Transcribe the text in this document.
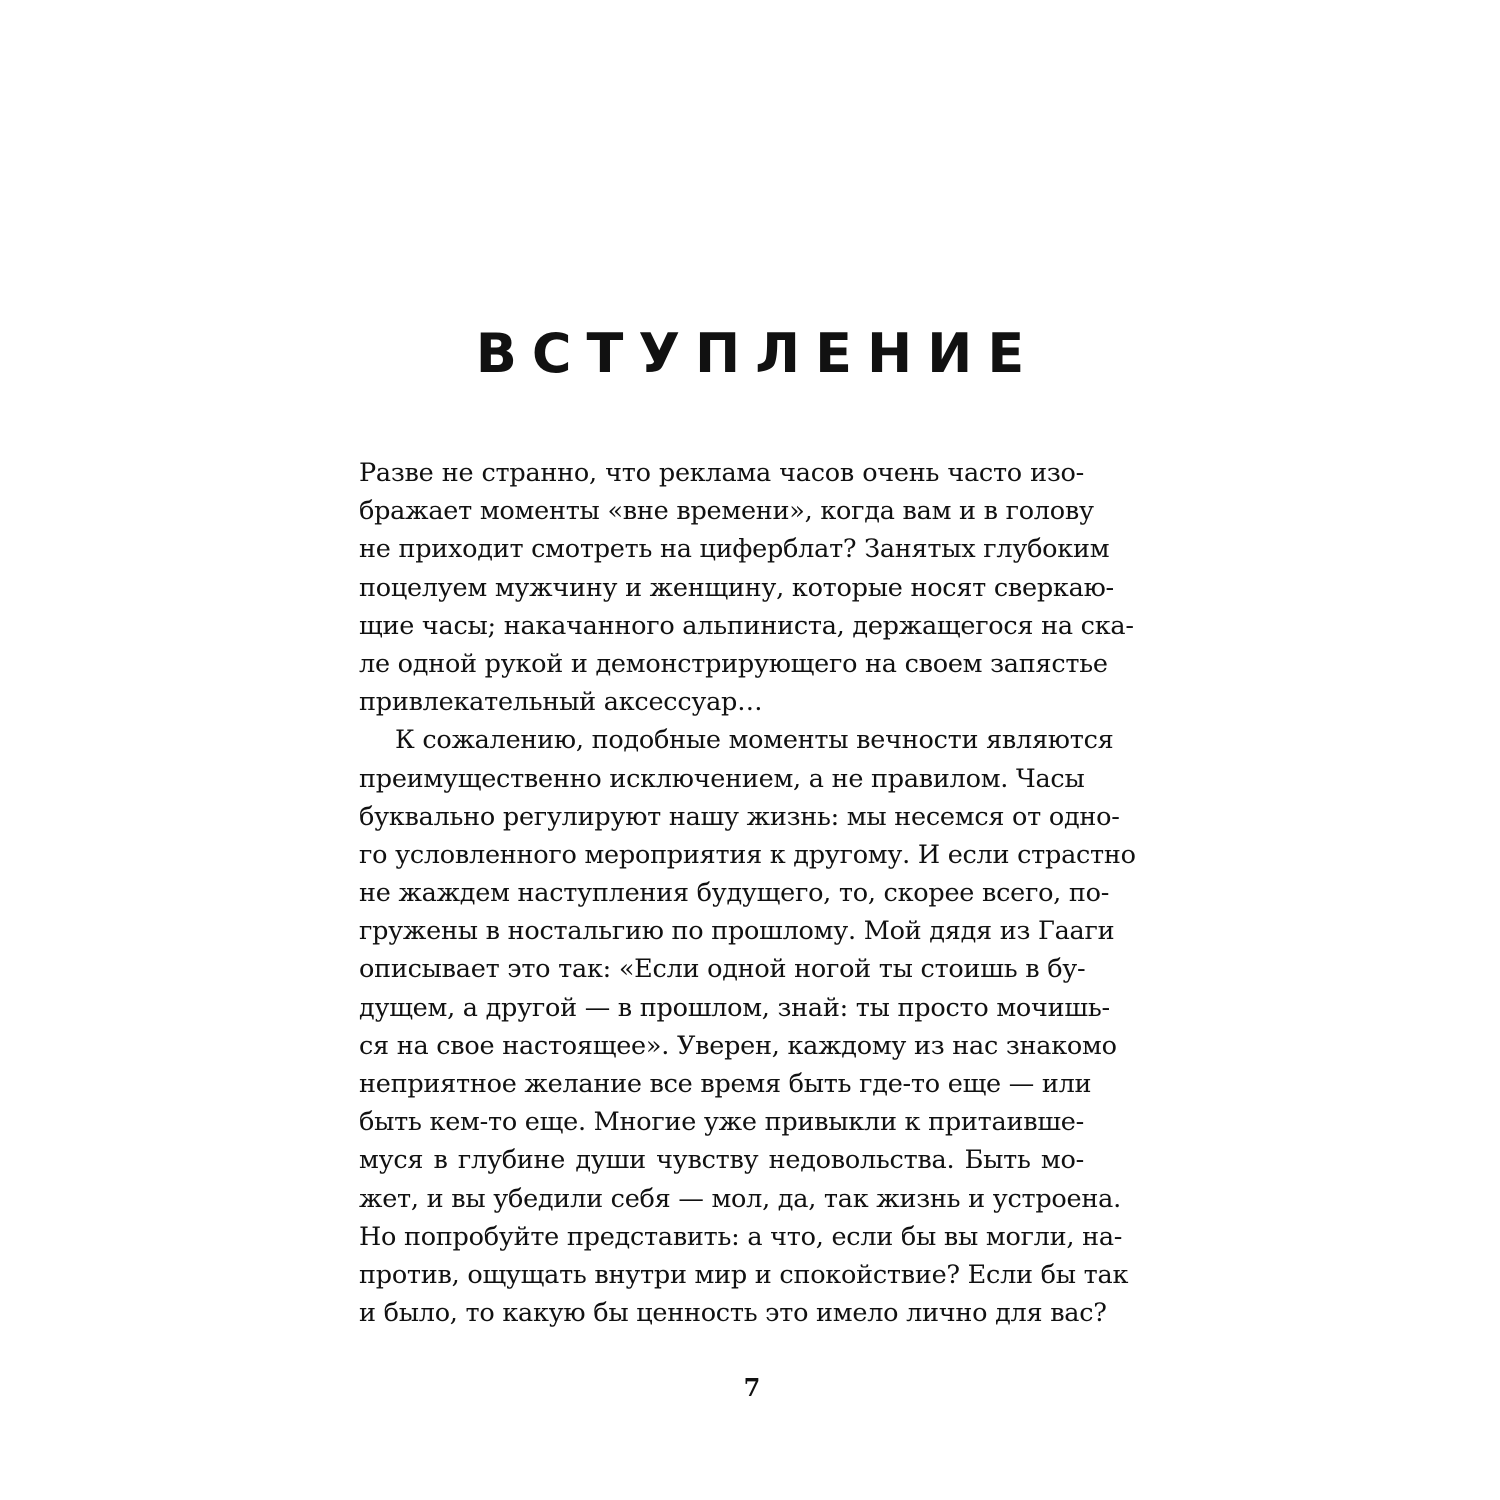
ВСТУПЛЕНИЕ
Разве не странно, что реклама часов очень часто изо-
бражает моменты «вне времени», когда вам и в голову
не приходит смотреть на циферблат? Занятых глубоким
поцелуем мужчину и женщину, которые носят сверкаю-
щие часы; накачанного альпиниста, держащегося на ска-
ле одной рукой и демонстрирующего на своем запястье
привлекательный аксессуар…
К сожалению, подобные моменты вечности являются
преимущественно исключением, а не правилом. Часы
буквально регулируют нашу жизнь: мы несемся от одно-
го условленного мероприятия к другому. И если страстно
не жаждем наступления будущего, то, скорее всего, по-
гружены в ностальгию по прошлому. Мой дядя из Гааги
описывает это так: «Если одной ногой ты стоишь в бу-
дущем, а другой — в прошлом, знай: ты просто мочишь-
ся на свое настоящее». Уверен, каждому из нас знакомо
неприятное желание все время быть где-то еще — или
быть кем-то еще. Многие уже привыкли к притаивше-
муся в глубине души чувству недовольства. Быть мо-
жет, и вы убедили себя — мол, да, так жизнь и устроена.
Но попробуйте представить: а что, если бы вы могли, на-
против, ощущать внутри мир и спокойствие? Если бы так
и было, то какую бы ценность это имело лично для вас?
7
